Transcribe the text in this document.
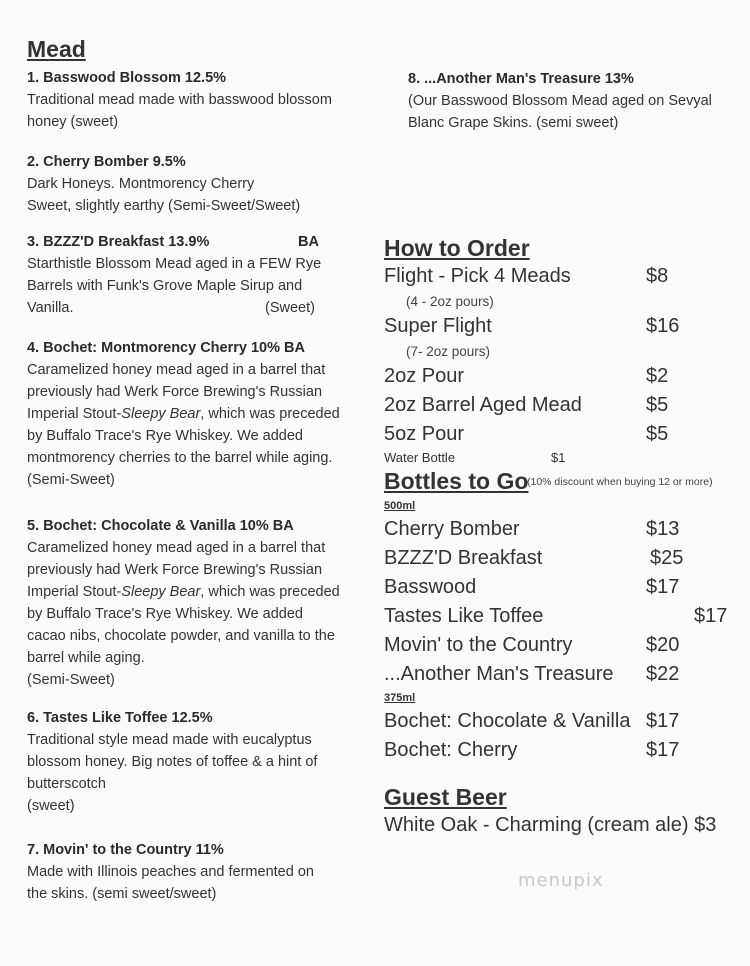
Mead
1. Basswood Blossom 12.5%
Traditional mead made with basswood blossom
honey (sweet)
2. Cherry Bomber 9.5%
Dark Honeys. Montmorency Cherry
Sweet, slightly earthy (Semi-Sweet/Sweet)
3. BZZZ'D Breakfast 13.9%	BA
Starthistle Blossom Mead aged in a FEW Rye
Barrels with Funk's Grove Maple Sirup and
Vanilla.	(Sweet)
4. Bochet: Montmorency Cherry 10% BA
Caramelized honey mead aged in a barrel that
previously had Werk Force Brewing's Russian
Imperial Stout-Sleepy Bear, which was preceded
by Buffalo Trace's Rye Whiskey. We added
montmorency cherries to the barrel while aging.
(Semi-Sweet)
5. Bochet: Chocolate & Vanilla 10% BA
Caramelized honey mead aged in a barrel that
previously had Werk Force Brewing's Russian
Imperial Stout-Sleepy Bear, which was preceded
by Buffalo Trace's Rye Whiskey. We added
cacao nibs, chocolate powder, and vanilla to the
barrel while aging.
(Semi-Sweet)
6. Tastes Like Toffee 12.5%
Traditional style mead made with eucalyptus
blossom honey. Big notes of toffee & a hint of
butterscotch
(sweet)
7. Movin' to the Country 11%
Made with Illinois peaches and fermented on
the skins. (semi sweet/sweet)
8. ...Another Man's Treasure 13%
(Our Basswood Blossom Mead aged on Sevyal
Blanc Grape Skins. (semi sweet)
How to Order
Flight - Pick 4 Meads	$8
(4 - 2oz pours)
Super Flight	$16
(7- 2oz pours)
2oz Pour	$2
2oz Barrel Aged Mead	$5
5oz Pour	$5
Water Bottle	$1
Bottles to Go
(10% discount when buying 12 or more)
500ml
Cherry Bomber	$13
BZZZ'D Breakfast	$25
Basswood	$17
Tastes Like Toffee	$17
Movin' to the Country	$20
...Another Man's Treasure $22
375ml
Bochet: Chocolate & Vanilla $17
Bochet: Cherry	$17
Guest Beer
White Oak - Charming (cream ale) $3
menupix
